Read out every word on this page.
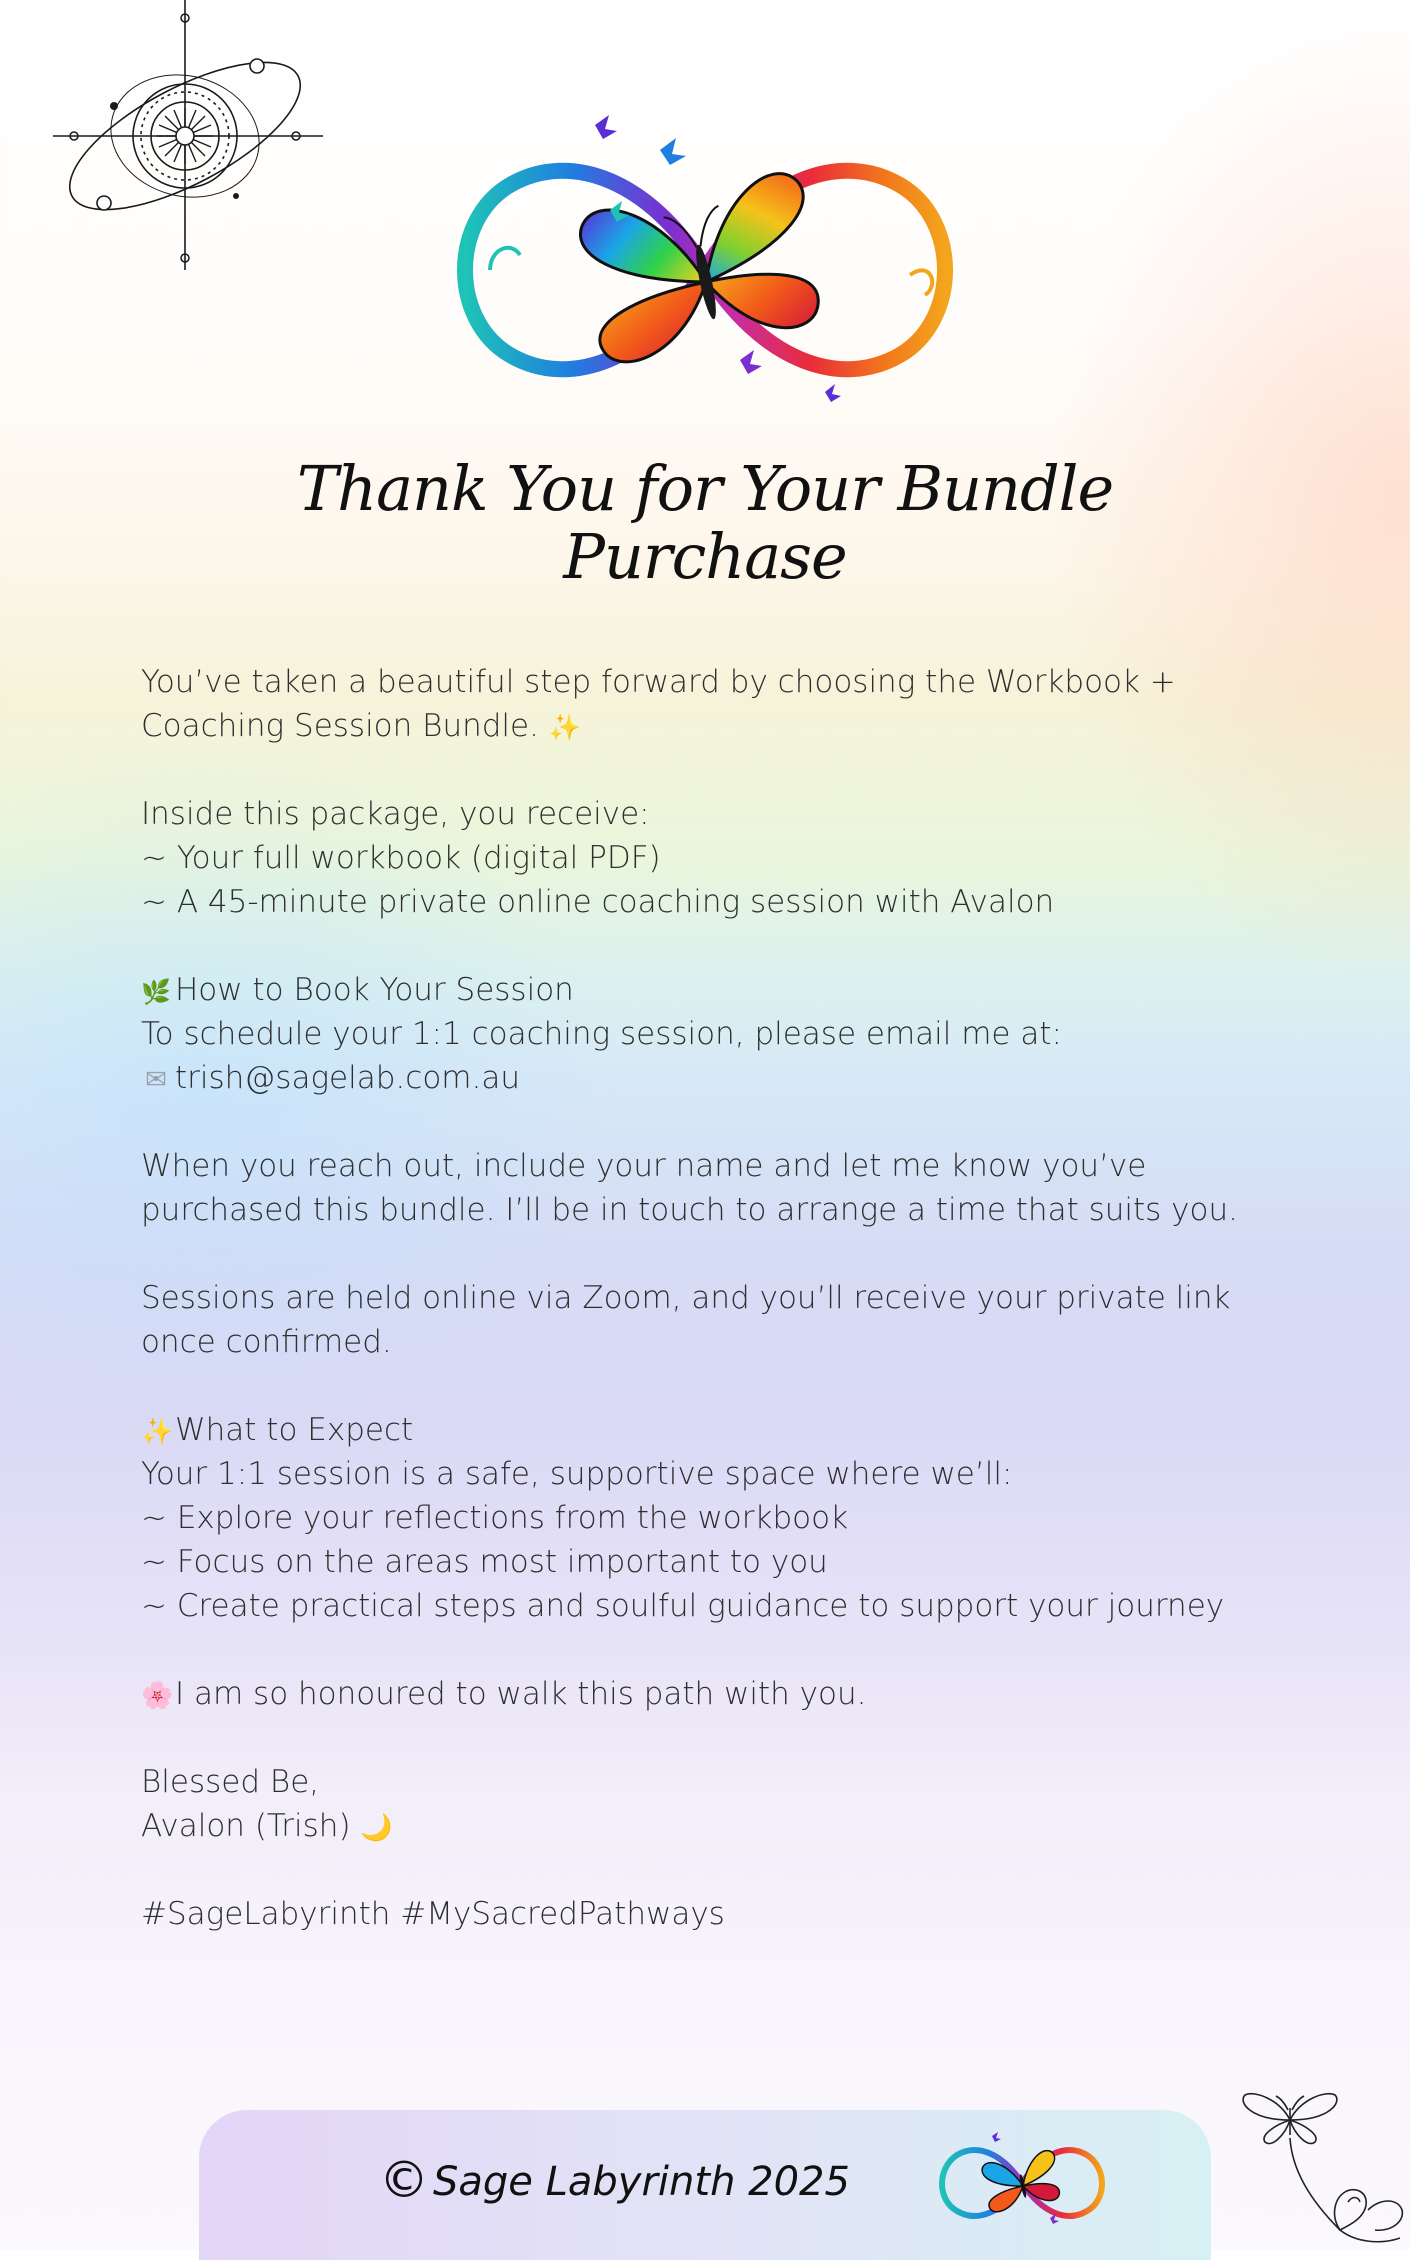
Thank You for Your Bundle Purchase
You’ve taken a beautiful step forward by choosing the Workbook +
Coaching Session Bundle. ✨
Inside this package, you receive:
~ Your full workbook (digital PDF)
~ A 45-minute private online coaching session with Avalon
🌿 How to Book Your Session
To schedule your 1:1 coaching session, please email me at:
✉ trish@sagelab.com.au
When you reach out, include your name and let me know you’ve
purchased this bundle. I’ll be in touch to arrange a time that suits you.
Sessions are held online via Zoom, and you’ll receive your private link
once confirmed.
✨What to Expect
Your 1:1 session is a safe, supportive space where we’ll:
~ Explore your reflections from the workbook
~ Focus on the areas most important to you
~ Create practical steps and soulful guidance to support your journey
🌸I am so honoured to walk this path with you.
Blessed Be,
Avalon (Trish) 🌙
#SageLabyrinth #MySacredPathways
© Sage Labyrinth 2025
